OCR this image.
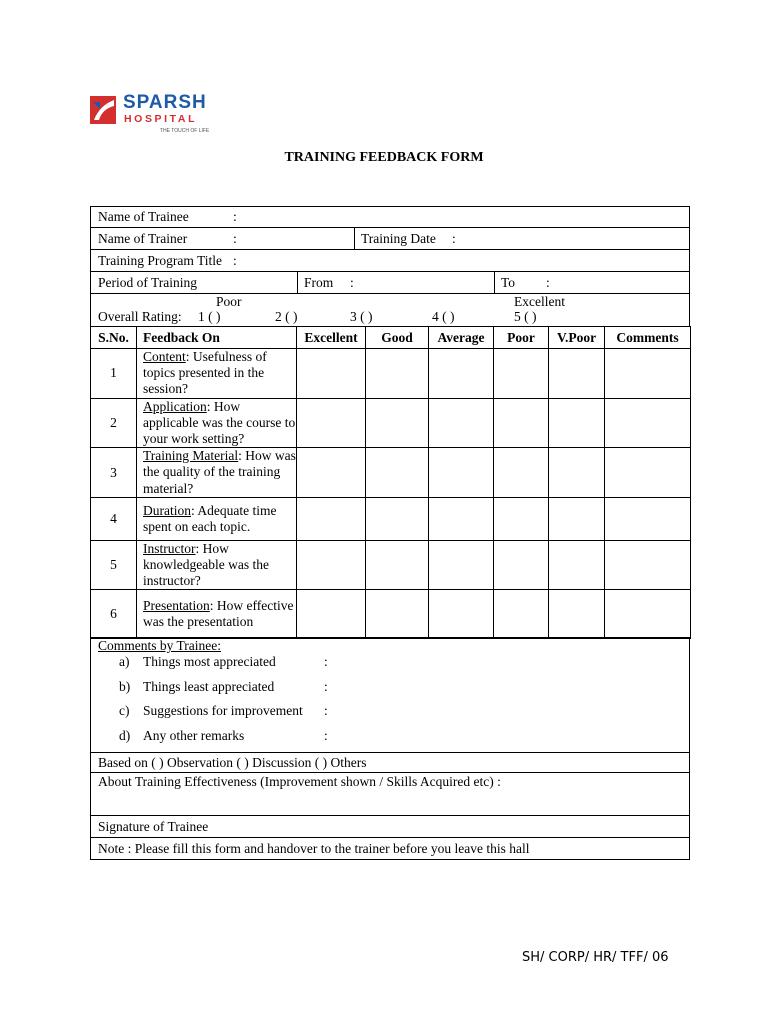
SPARSH
HOSPITAL
THE TOUCH OF LIFE
TRAINING FEEDBACK FORM
Name of Trainee	:
Name of Trainer	:	Training Date :
Training Program Title :
Period of Training	From :	To :
Poor	Excellent
Overall Rating: 1 ( )	2 ( )	3 ( )	4 ( )	5 ( )
S.No.	Feedback On	Excellent	Good	Average	Poor	V.Poor	Comments
1	Content: Usefulness of topics presented in the session?						
2	Application: How applicable was the course to your work setting?						
3	Training Material: How was the quality of the training material?						
4	Duration: Adequate time spent on each topic.						
5	Instructor: How knowledgeable was the instructor?						
6	Presentation: How effective was the presentation						
Comments by Trainee:
a) Things most appreciated	:
b) Things least appreciated	:
c) Suggestions for improvement :
d) Any other remarks	:
Based on ( ) Observation ( ) Discussion ( ) Others
About Training Effectiveness (Improvement shown / Skills Acquired etc) :
Signature of Trainee
Note : Please fill this form and handover to the trainer before you leave this hall
SH/ CORP/ HR/ TFF/ 06
